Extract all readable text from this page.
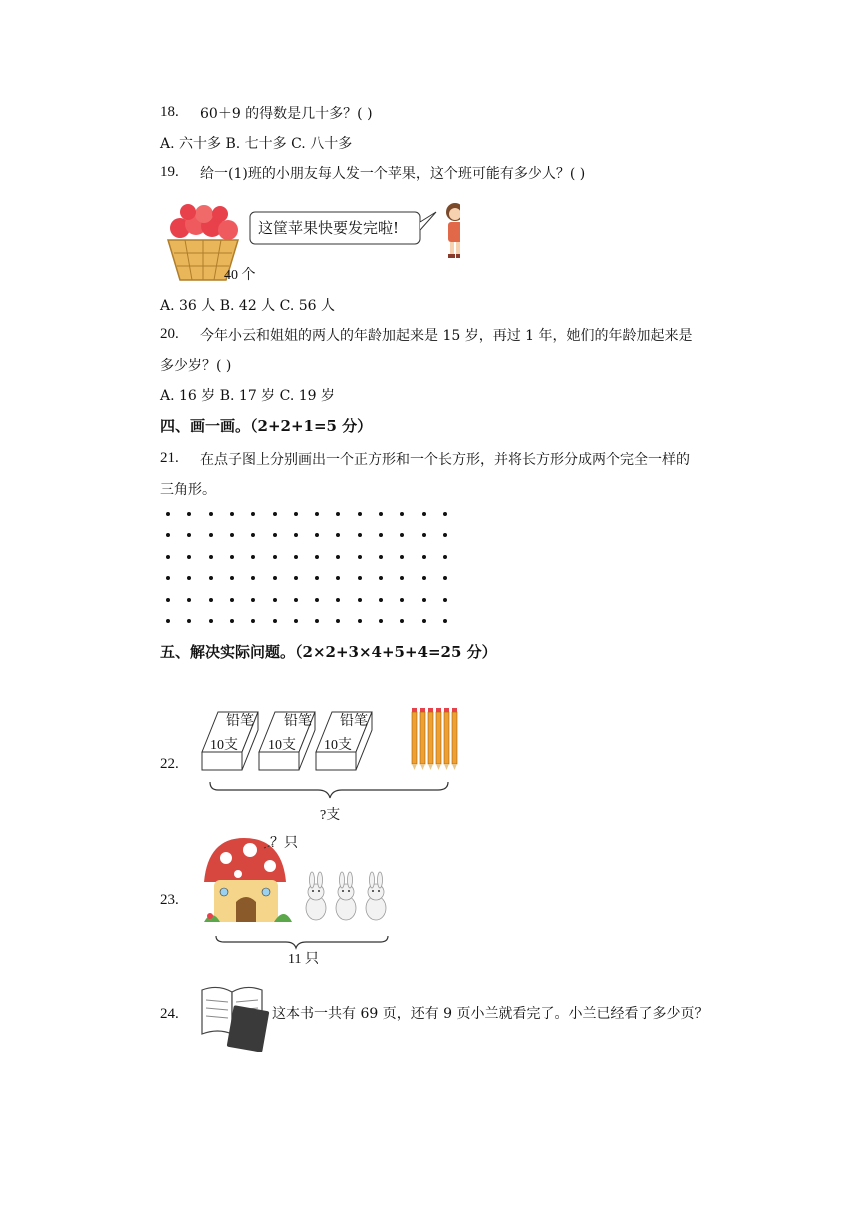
18. 60＋9 的得数是几十多？( )
A. 六十多 B. 七十多 C. 八十多
19. 给一(1)班的小朋友每人发一个苹果，这个班可能有多少人？( )
这筐苹果快要发完啦!
40 个
A. 36 人 B. 42 人 C. 56 人
20. 今年小云和姐姐的两人的年龄加起来是 15 岁，再过 1 年，她们的年龄加起来是
多少岁？( )
A. 16 岁 B. 17 岁 C. 19 岁
四、画一画。（2+2+1=5 分）
21. 在点子图上分别画出一个正方形和一个长方形，并将长方形分成两个完全一样的
三角形。
五、解决实际问题。（2×2+3×4+5+4=25 分）
22.
铅笔
10支
铅笔
10支
铅笔
10支
?支
23.
？只
11 只
24.	这本书一共有 69 页，还有 9 页小兰就看完了。小兰已经看了多少页？
